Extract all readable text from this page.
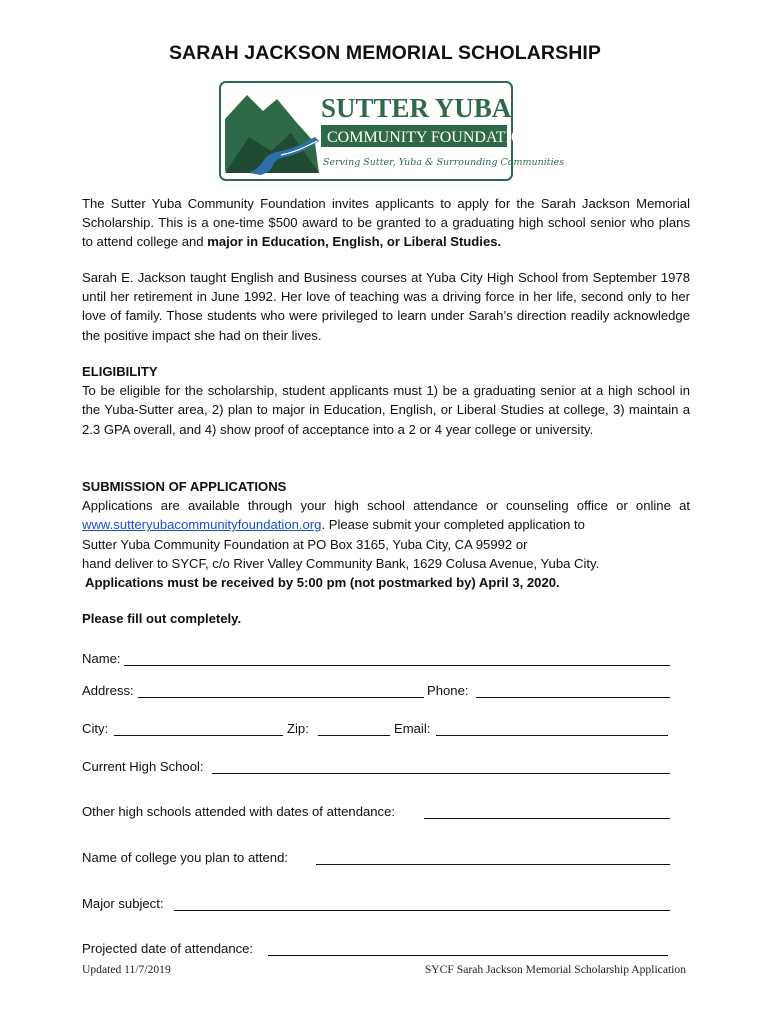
SARAH JACKSON MEMORIAL SCHOLARSHIP
SUTTER YUBA
COMMUNITY FOUNDATION
Serving Sutter, Yuba & Surrounding Communities

The Sutter Yuba Community Foundation invites applicants to apply for the Sarah Jackson Memorial Scholarship. This is a one-time $500 award to be granted to a graduating high school senior who plans to attend college and major in Education, English, or Liberal Studies.

Sarah E. Jackson taught English and Business courses at Yuba City High School from September 1978 until her retirement in June 1992. Her love of teaching was a driving force in her life, second only to her love of family. Those students who were privileged to learn under Sarah’s direction readily acknowledge the positive impact she had on their lives.

ELIGIBILITY
To be eligible for the scholarship, student applicants must 1) be a graduating senior at a high school in the Yuba-Sutter area, 2) plan to major in Education, English, or Liberal Studies at college, 3) maintain a 2.3 GPA overall, and 4) show proof of acceptance into a 2 or 4 year college or university.
SUBMISSION OF APPLICATIONS
Applications are available through your high school attendance or counseling office or online at www.sutteryubacommunityfoundation.org. Please submit your completed application to
Sutter Yuba Community Foundation at PO Box 3165, Yuba City, CA 95992 or
hand deliver to SYCF, c/o River Valley Community Bank, 1629 Colusa Avenue, Yuba City.
Applications must be received by 5:00 pm (not postmarked by) April 3, 2020.
Please fill out completely.
Name:
Address:	Phone:
City:	Zip:	Email:
Current High School:
Other high schools attended with dates of attendance:
Name of college you plan to attend:
Major subject:
Projected date of attendance:
Updated 11/7/2019	SYCF Sarah Jackson Memorial Scholarship Application
